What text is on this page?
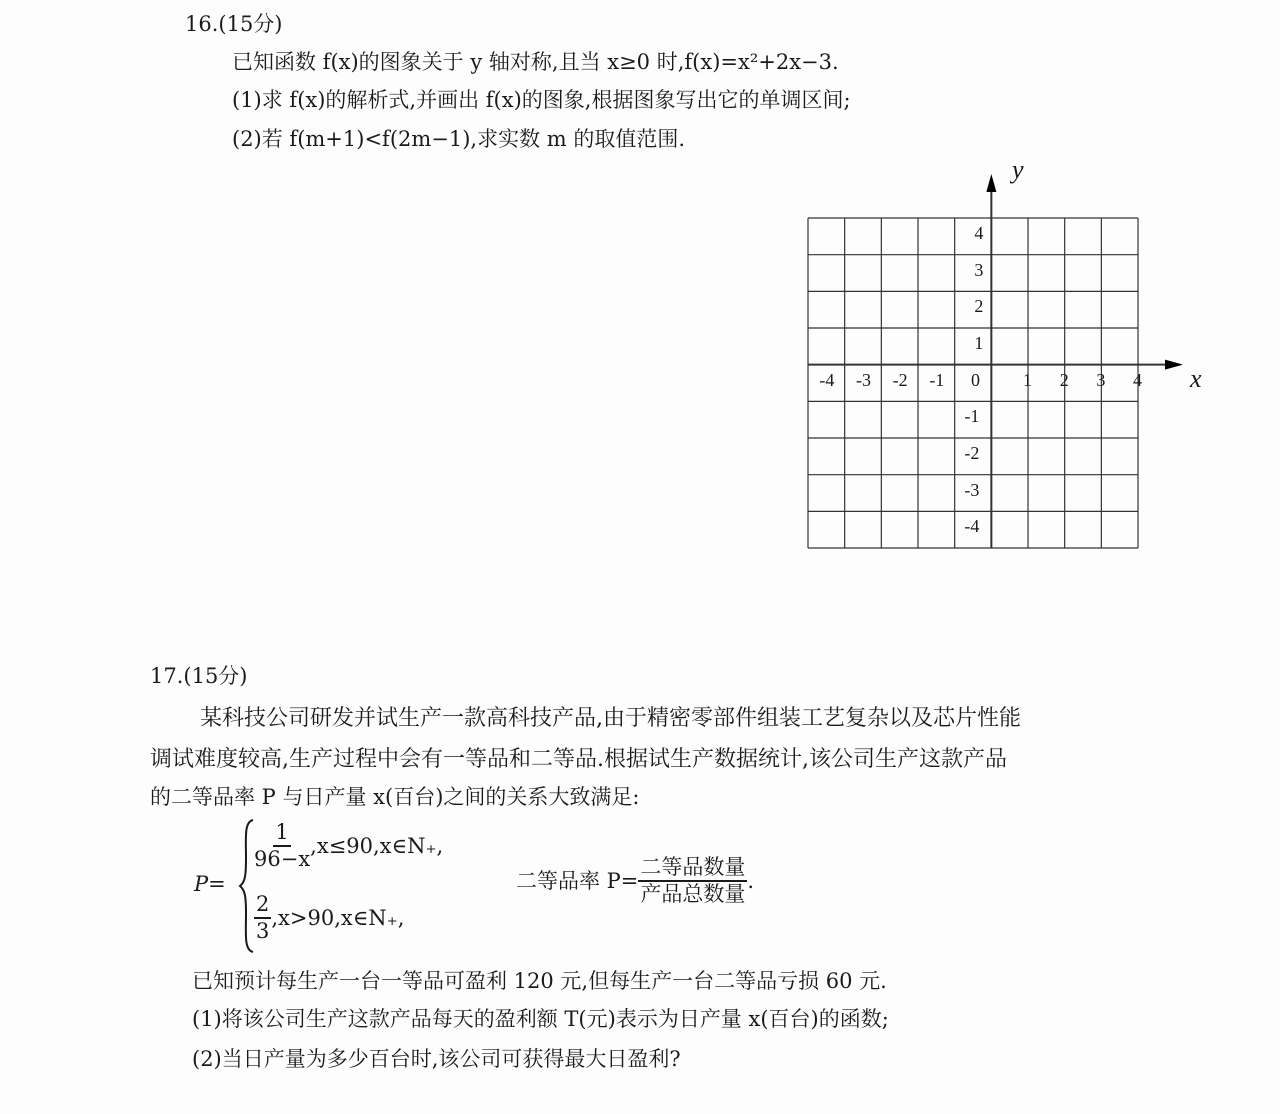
16.(15分)
已知函数 f(x)的图象关于 y 轴对称,且当 x≥0 时,f(x)=x²+2x−3.
(1)求 f(x)的解析式,并画出 f(x)的图象,根据图象写出它的单调区间;
(2)若 f(m+1)<f(2m−1),求实数 m 的取值范围.
-4 -3 -2 -1	1 2 3 4
4
3
2
1
-1
-2
-3
-4
y
x
0
17.(15分)
某科技公司研发并试生产一款高科技产品,由于精密零部件组装工艺复杂以及芯片性能
调试难度较高,生产过程中会有一等品和二等品.根据试生产数据统计,该公司生产这款产品
的二等品率 P 与日产量 x(百台)之间的关系大致满足:
P=
$\frac{1}{96-x}$ ,x≤90,x∈N₊,
$\frac{2}{3}$ ,x>90,x∈N₊,
二等品率 $P= \frac{\text{二等品数量}}{\text{产品总数量}}$ .
已知预计每生产一台一等品可盈利 120 元,但每生产一台二等品亏损 60 元.
(1)将该公司生产这款产品每天的盈利额 T(元)表示为日产量 x(百台)的函数;
(2)当日产量为多少百台时,该公司可获得最大日盈利?
